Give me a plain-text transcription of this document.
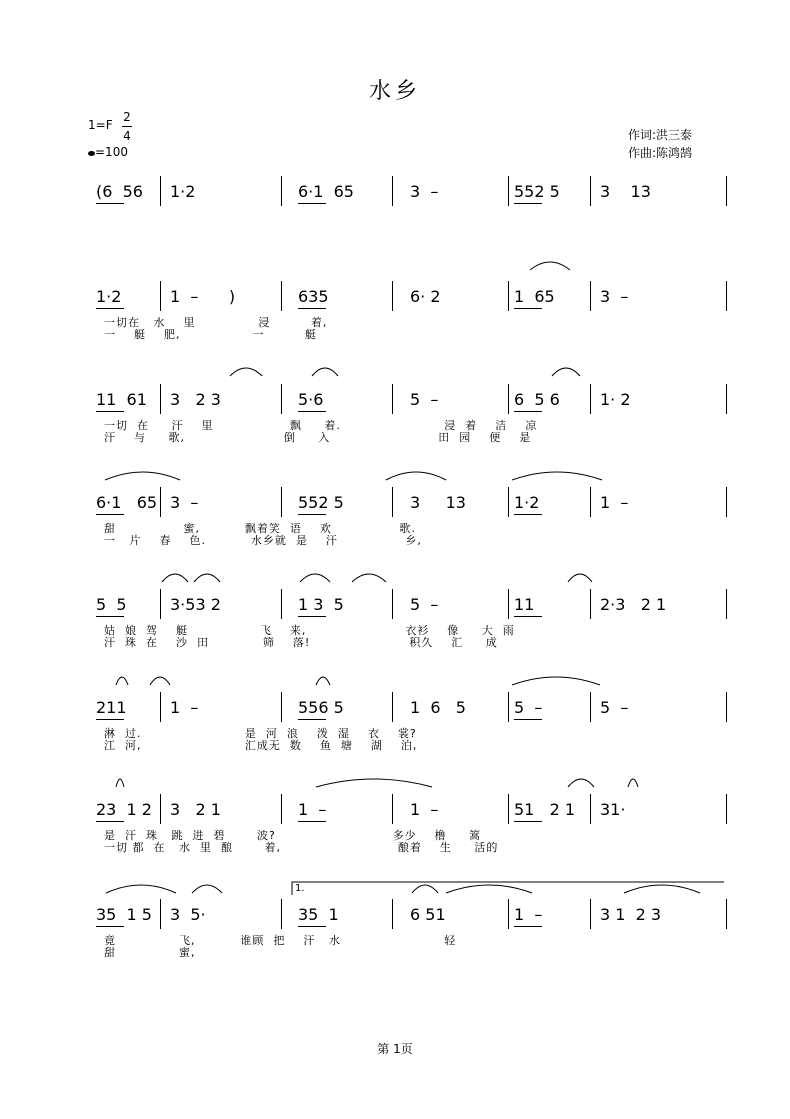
水乡
1=F
2
4
=100
作词:洪三泰
作曲:陈鸿鹄
(6  56 1·2	6·1  65	3  –	552 5	3    13
1·2	1  –      )	635	6· 2	1  65	3  –
一切在   水    里              浸         着,
一    艇    肥,                一         艇
11  61 3   2 3	5·6	5  –	6  5 6	1· 2
一切  在     汗    里                 飘     着.                       浸  着    洁    凉
汗    与     歌,                      倒     入                        田  园    便    是
6·1   65 3  –	552 5	3     13	1·2	1  –
甜               蜜,          飘着笑  语    欢               歌.
一   片    春    色.          水乡就  是    汗               乡,
5  5	3·53 2	1 3  5	5  –	11	2·3   2 1
姑  娘  驾    艇                飞    来,                      衣衫    像     大  雨
汗  珠  在    沙  田            筛    落!                      积久    汇     成
211	1  –	556 5	1  6   5	5  –	5  –
淋  过.                       是  河  浪    泼  湿    衣    裳?
江  河,                       汇成无  数    鱼  塘    湖    泊,
23  1 2 3   2 1	1  –	1  –	51   2 1 31·
是  汗  珠   跳  进  碧       波?                          多少    橹     篙
一切 都  在   水  里  酿       着,                          酿着    生     活的
35  1 5 3  5·	35  1	6 51	1  –	3 1  2 3
竟              飞,          谁顾  把    汗   水                       轻
甜              蜜,
1.
第 1页
